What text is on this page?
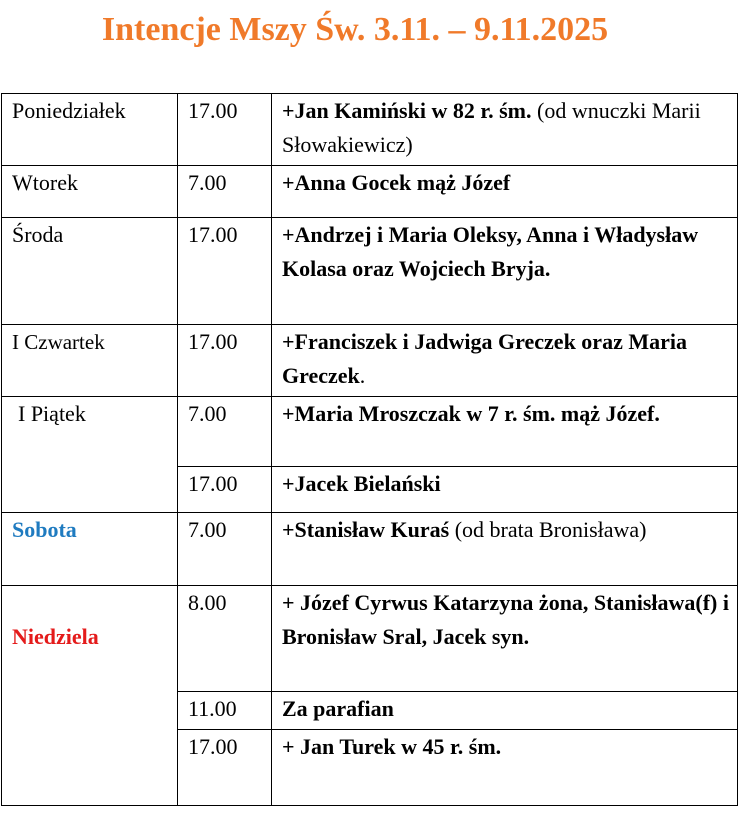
Intencje Mszy Św. 3.11. – 9.11.2025
Poniedziałek	17.00	+Jan Kamiński w 82 r. śm. (od wnuczki Marii Słowakiewicz)
Wtorek	7.00	+Anna Gocek mąż Józef
Środa	17.00	+Andrzej i Maria Oleksy, Anna i Władysław Kolasa oraz Wojciech Bryja.
I Czwartek	17.00	+Franciszek i Jadwiga Greczek oraz Maria Greczek.
I Piątek	7.00	+Maria Mroszczak w 7 r. śm. mąż Józef.
	17.00	+Jacek Bielański
Sobota	7.00	+Stanisław Kuraś (od brata Bronisława)
Niedziela	8.00	+ Józef Cyrwus Katarzyna żona, Stanisława(f) i Bronisław Sral, Jacek syn.
	11.00	Za parafian
	17.00	+ Jan Turek w 45 r. śm.
